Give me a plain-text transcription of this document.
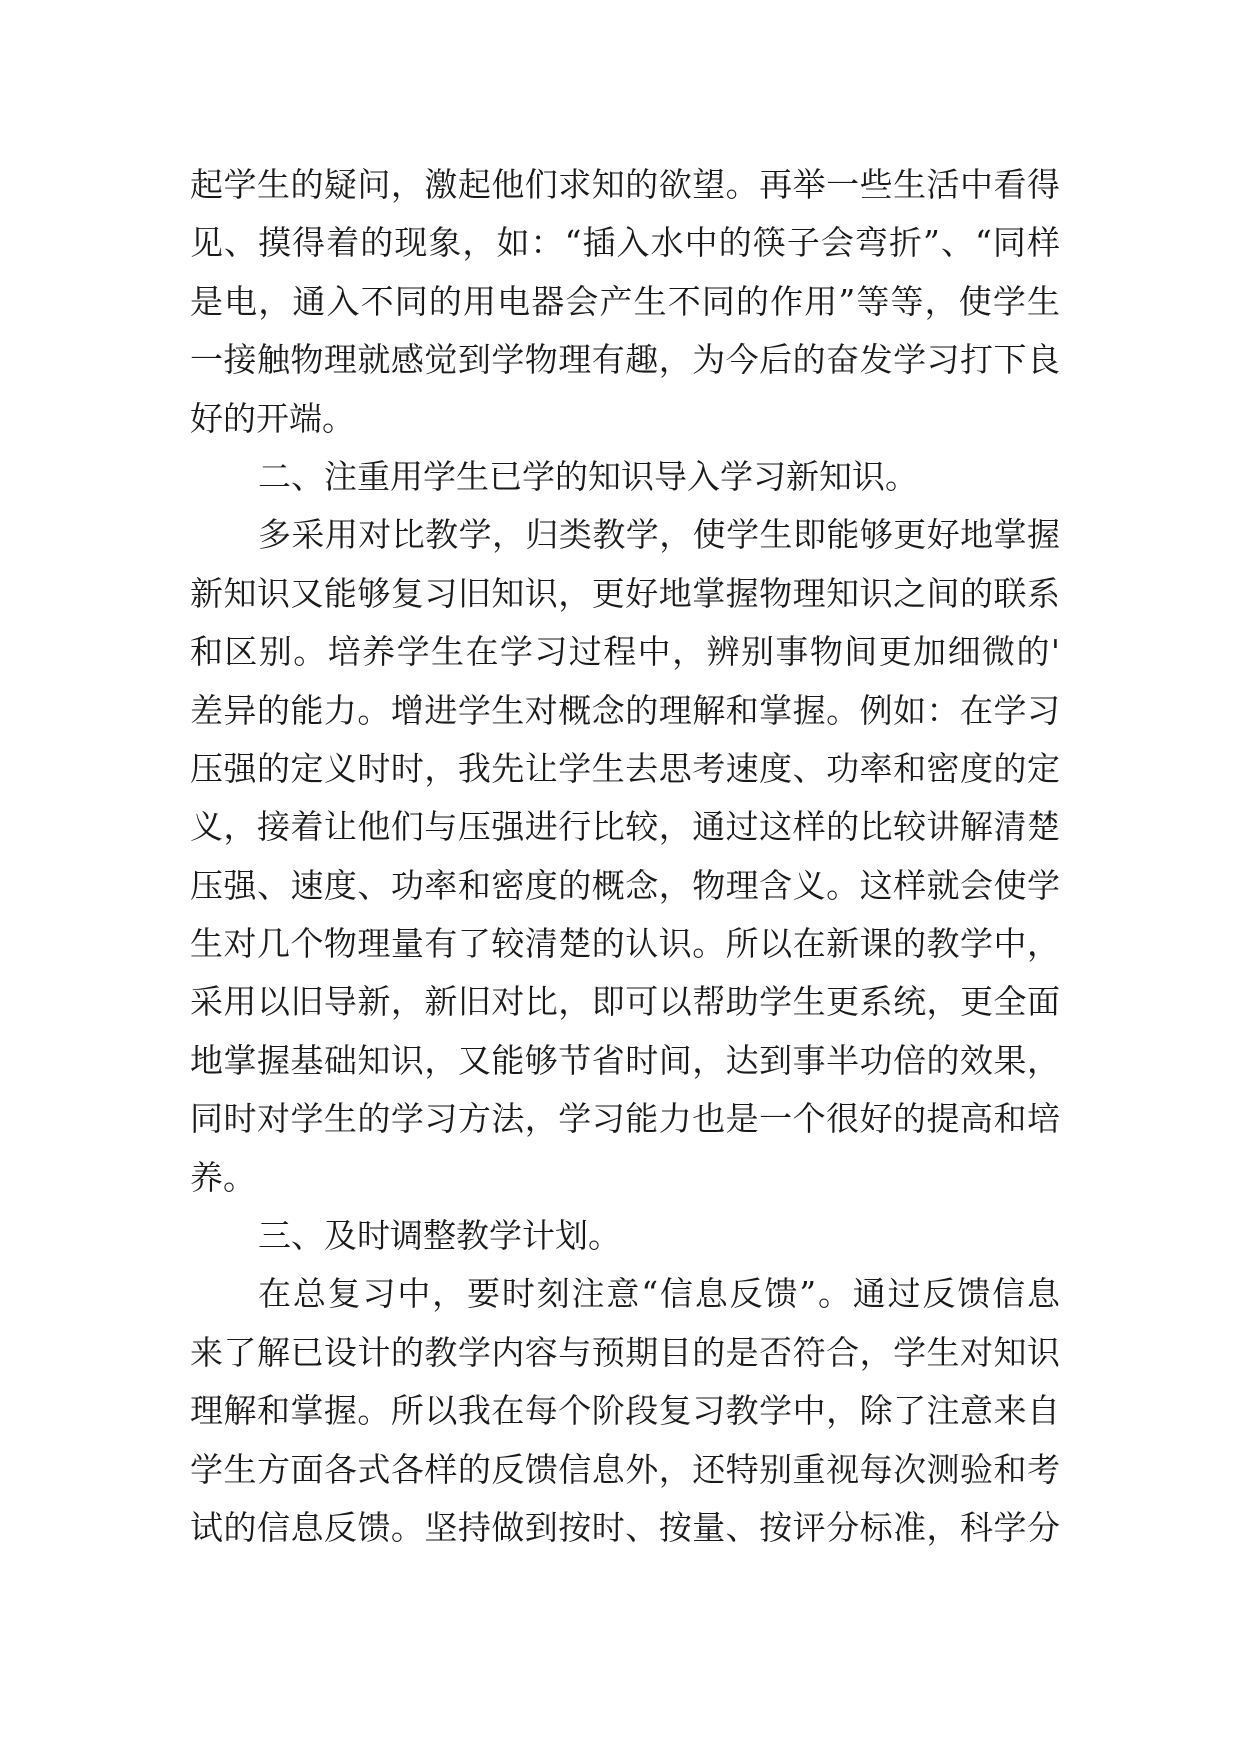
起学生的疑问，激起他们求知的欲望。再举一些生活中看得
见、摸得着的现象，如：“插入水中的筷子会弯折”、“同样
是电，通入不同的用电器会产生不同的作用”等等，使学生
一接触物理就感觉到学物理有趣，为今后的奋发学习打下良
好的开端。
二、注重用学生已学的知识导入学习新知识。
多采用对比教学，归类教学，使学生即能够更好地掌握
新知识又能够复习旧知识，更好地掌握物理知识之间的联系
和区别。培养学生在学习过程中，辨别事物间更加细微的'
差异的能力。增进学生对概念的理解和掌握。例如：在学习
压强的定义时时，我先让学生去思考速度、功率和密度的定
义，接着让他们与压强进行比较，通过这样的比较讲解清楚
压强、速度、功率和密度的概念，物理含义。这样就会使学
生对几个物理量有了较清楚的认识。所以在新课的教学中，
采用以旧导新，新旧对比，即可以帮助学生更系统，更全面
地掌握基础知识，又能够节省时间，达到事半功倍的效果，
同时对学生的学习方法，学习能力也是一个很好的提高和培
养。
三、及时调整教学计划。
在总复习中，要时刻注意“信息反馈”。通过反馈信息
来了解已设计的教学内容与预期目的是否符合，学生对知识
理解和掌握。所以我在每个阶段复习教学中，除了注意来自
学生方面各式各样的反馈信息外，还特别重视每次测验和考
试的信息反馈。坚持做到按时、按量、按评分标准，科学分
